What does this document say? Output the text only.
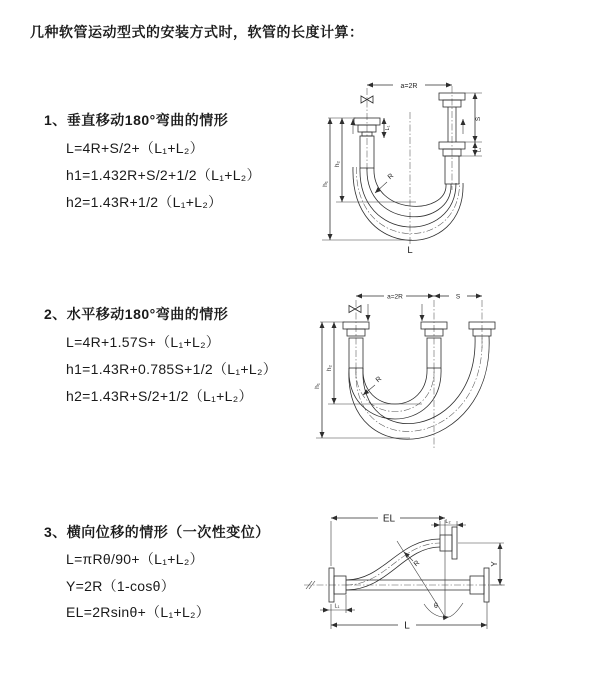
几种软管运动型式的安装方式时，软管的长度计算：
1、垂直移动180°弯曲的情形
L=4R+S/2+（L₁+L₂）
h1=1.432R+S/2+1/2（L₁+L₂）
h2=1.43R+1/2（L₁+L₂）
2、水平移动180°弯曲的情形
L=4R+1.57S+（L₁+L₂）
h1=1.43R+0.785S+1/2（L₁+L₂）
h2=1.43R+S/2+1/2（L₁+L₂）
3、横向位移的情形（一次性变位）
L=πRθ/90+（L₁+L₂）
Y=2R（1-cosθ）
EL=2Rsinθ+（L₁+L₂）
a=2R
h₁
h₂
L₁
S
L₁
R
L
a=2R	S
h₁
h₂
R
EL	L₂
L
L₁
Y
R
θ
